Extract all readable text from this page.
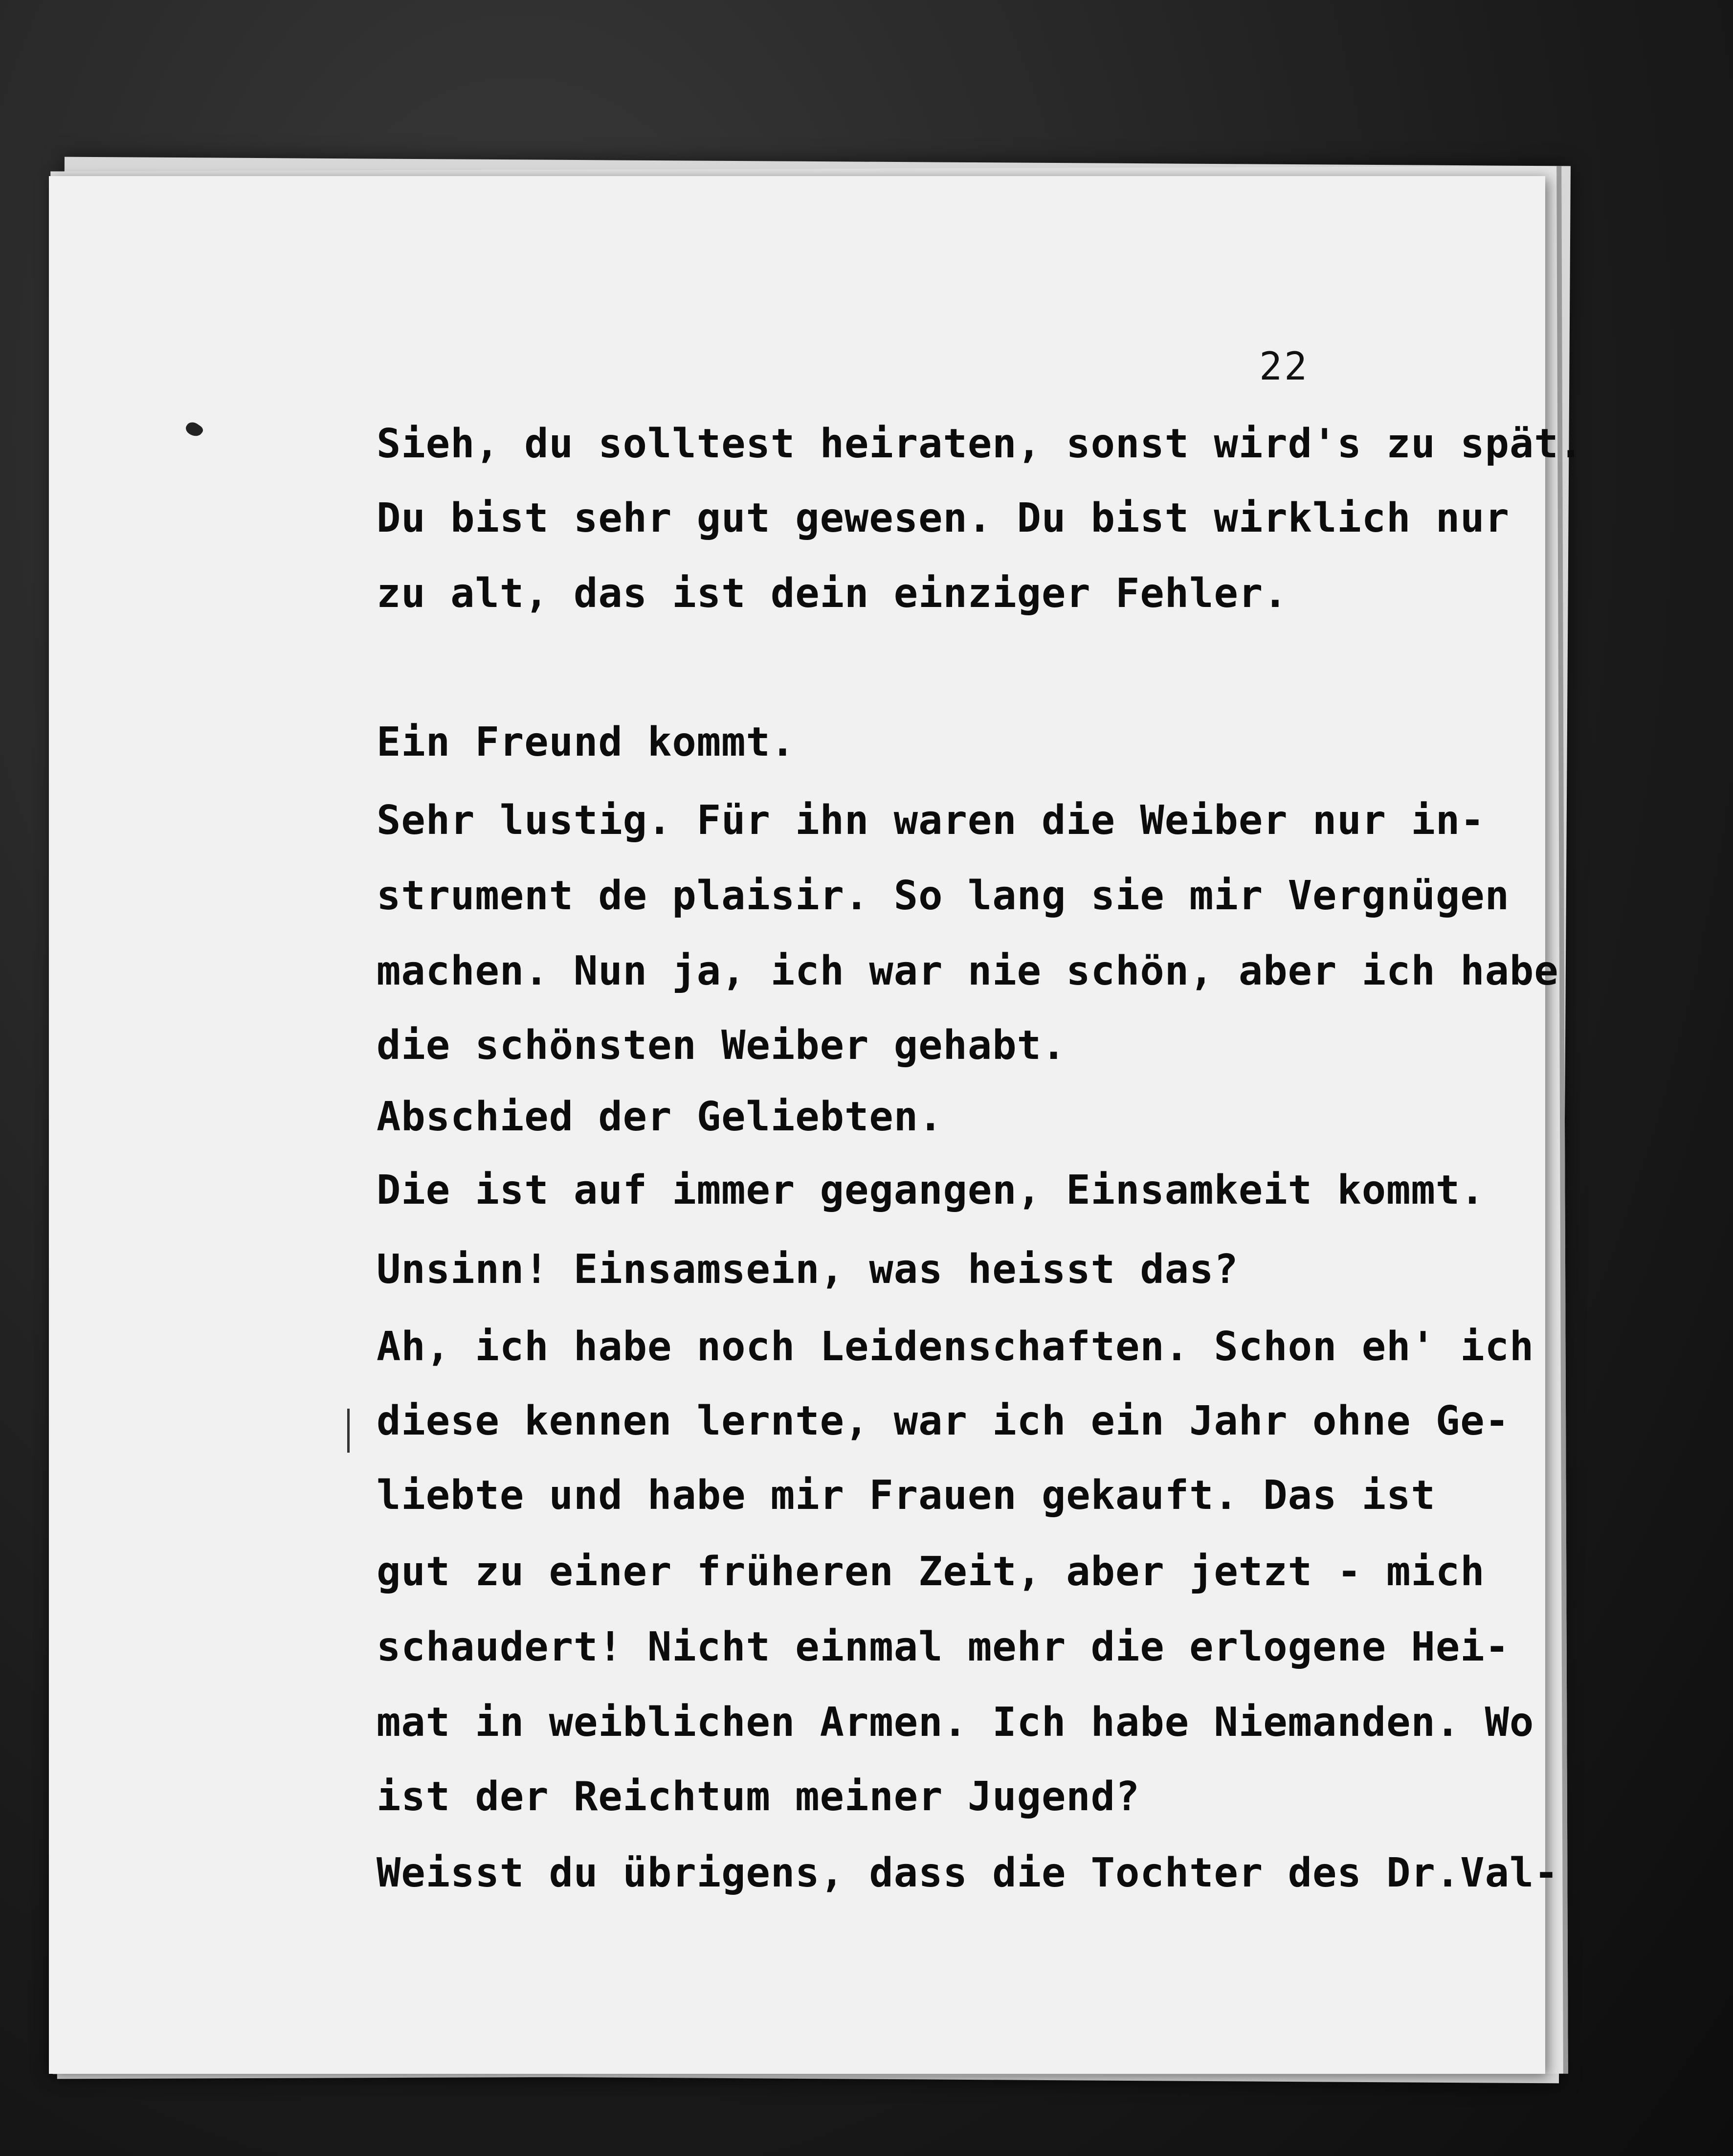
22
Sieh, du solltest heiraten, sonst wird's zu spät.
Du bist sehr gut gewesen. Du bist wirklich nur
zu alt, das ist dein einziger Fehler.
Ein Freund kommt.
Sehr lustig. Für ihn waren die Weiber nur in-
strument de plaisir. So lang sie mir Vergnügen
machen. Nun ja, ich war nie schön, aber ich habe
die schönsten Weiber gehabt.
Abschied der Geliebten.
Die ist auf immer gegangen, Einsamkeit kommt.
Unsinn! Einsamsein, was heisst das?
Ah, ich habe noch Leidenschaften. Schon eh' ich
diese kennen lernte, war ich ein Jahr ohne Ge-
liebte und habe mir Frauen gekauft. Das ist
gut zu einer früheren Zeit, aber jetzt - mich
schaudert! Nicht einmal mehr die erlogene Hei-
mat in weiblichen Armen. Ich habe Niemanden. Wo
ist der Reichtum meiner Jugend?
Weisst du übrigens, dass die Tochter des Dr.Val-
